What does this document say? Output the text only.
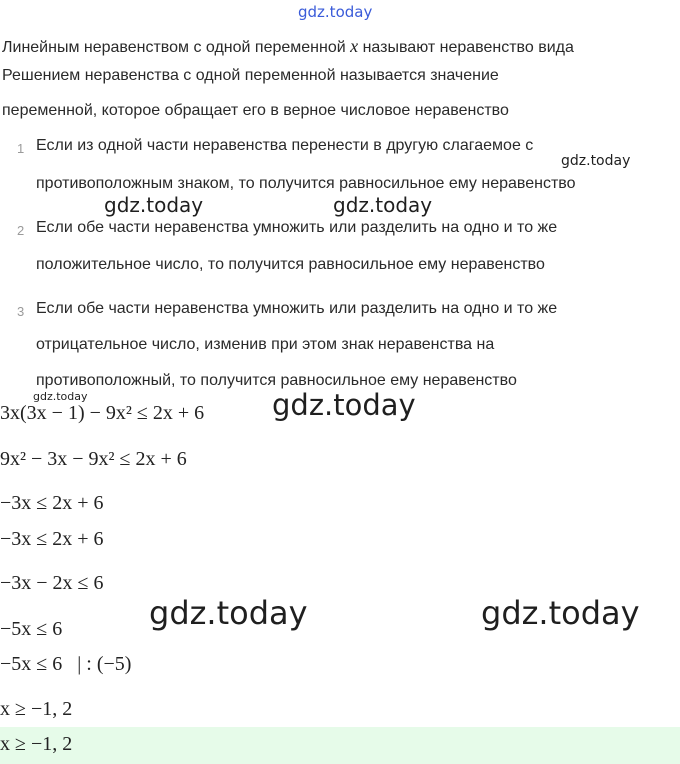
gdz.today
Линейным неравенством с одной переменной x называют неравенство вида
Решением неравенства с одной переменной называется значение
переменной, которое обращает его в верное числовое неравенство
1 Если из одной части неравенства перенести в другую слагаемое с
противоположным знаком, то получится равносильное ему неравенство
2 Если обе части неравенства умножить или разделить на одно и то же
положительное число, то получится равносильное ему неравенство
3 Если обе части неравенства умножить или разделить на одно и то же
отрицательное число, изменив при этом знак неравенства на
противоположный, то получится равносильное ему неравенство
3x(3x − 1) − 9x² ≤ 2x + 6
9x² − 3x − 9x² ≤ 2x + 6
−3x ≤ 2x + 6
−3x ≤ 2x + 6
−3x − 2x ≤ 6
−5x ≤ 6
−5x ≤ 6   | : (−5)
x ≥ −1, 2
x ≥ −1, 2
gdz.today
gdz.today	gdz.today
gdz.today	gdz.today
gdz.today	gdz.today
